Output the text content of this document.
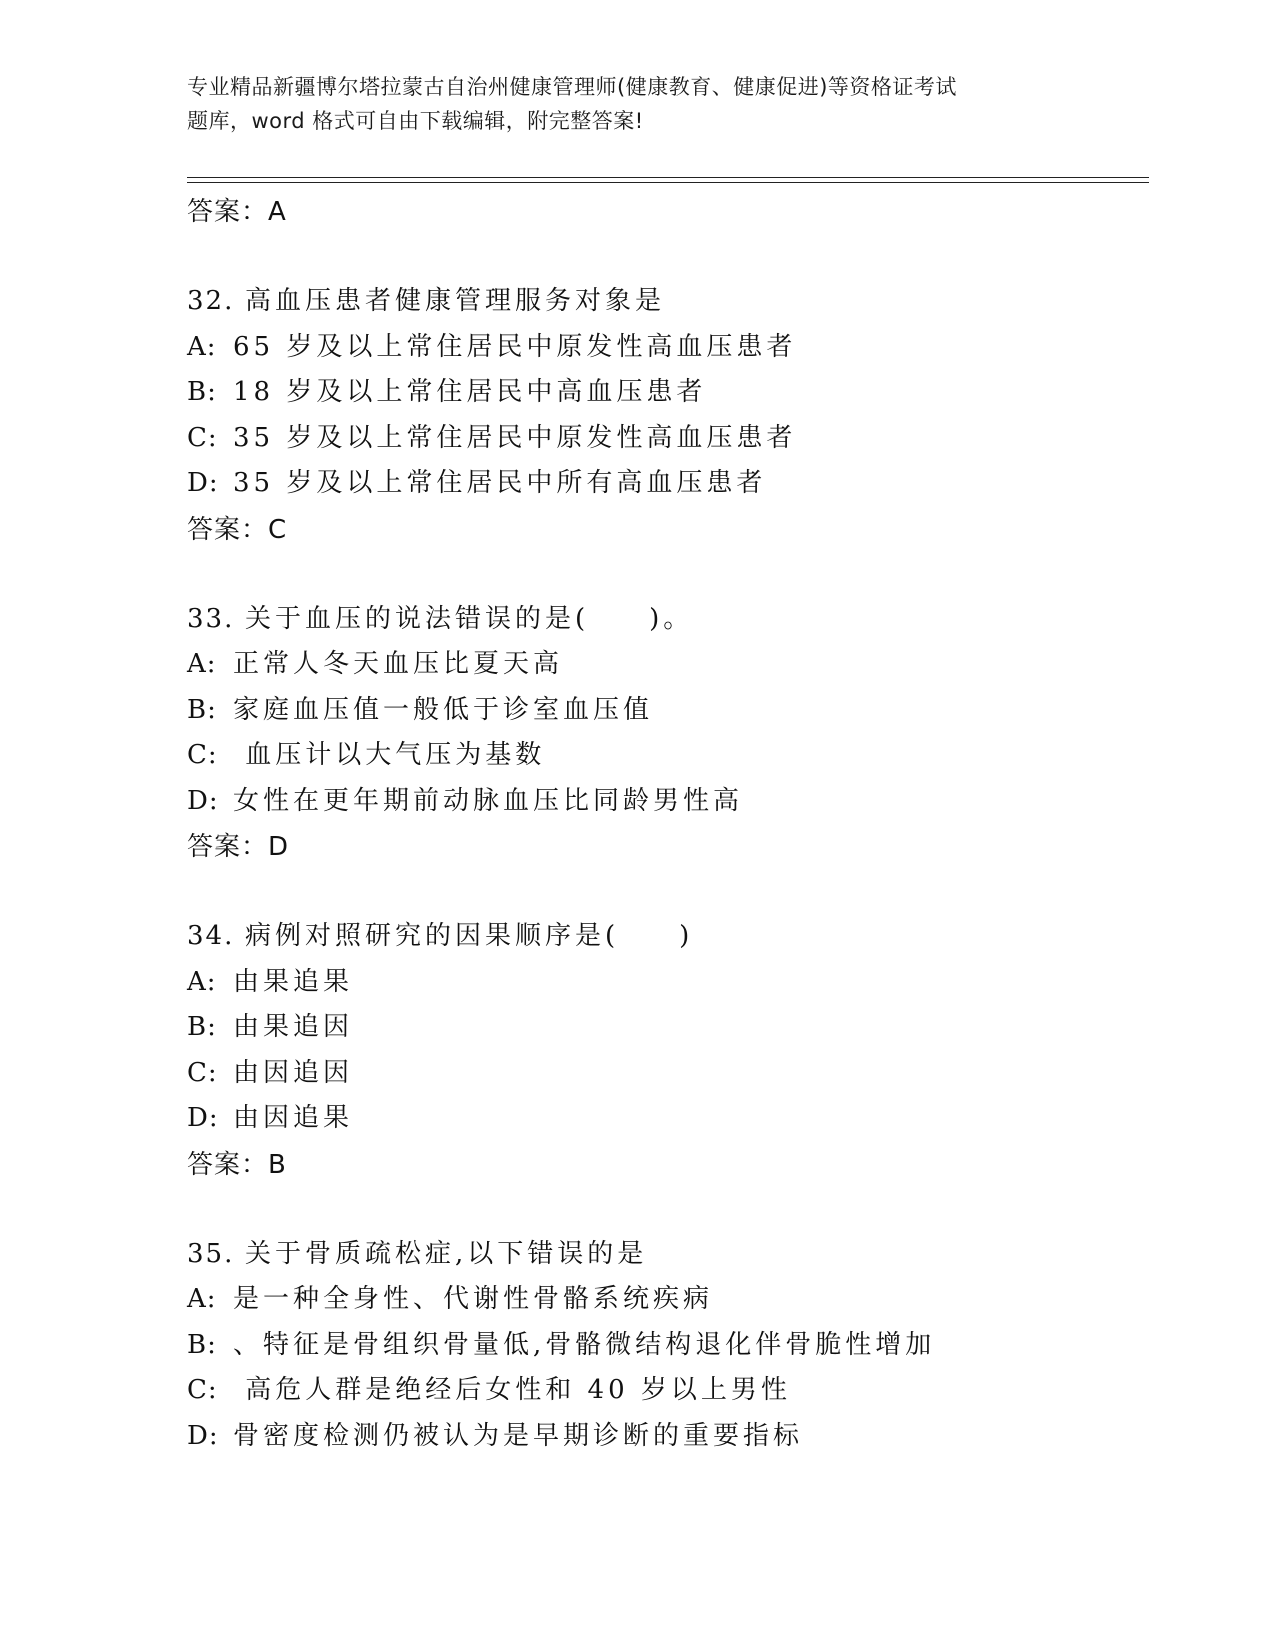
专业精品新疆博尔塔拉蒙古自治州健康管理师(健康教育、健康促进)等资格证考试
题库，word 格式可自由下载编辑，附完整答案!
答案：A
32. 高血压患者健康管理服务对象是
A: 65 岁及以上常住居民中原发性高血压患者
B: 18 岁及以上常住居民中高血压患者
C: 35 岁及以上常住居民中原发性高血压患者
D: 35 岁及以上常住居民中所有高血压患者
答案：C
33. 关于血压的说法错误的是(　　)。
A: 正常人冬天血压比夏天高
B: 家庭血压值一般低于诊室血压值
C: 血压计以大气压为基数
D: 女性在更年期前动脉血压比同龄男性高
答案：D
34. 病例对照研究的因果顺序是(　　)
A: 由果追果
B: 由果追因
C: 由因追因
D: 由因追果
答案：B
35. 关于骨质疏松症,以下错误的是
A: 是一种全身性、代谢性骨骼系统疾病
B: 、特征是骨组织骨量低,骨骼微结构退化伴骨脆性增加
C: 高危人群是绝经后女性和 40 岁以上男性
D: 骨密度检测仍被认为是早期诊断的重要指标
